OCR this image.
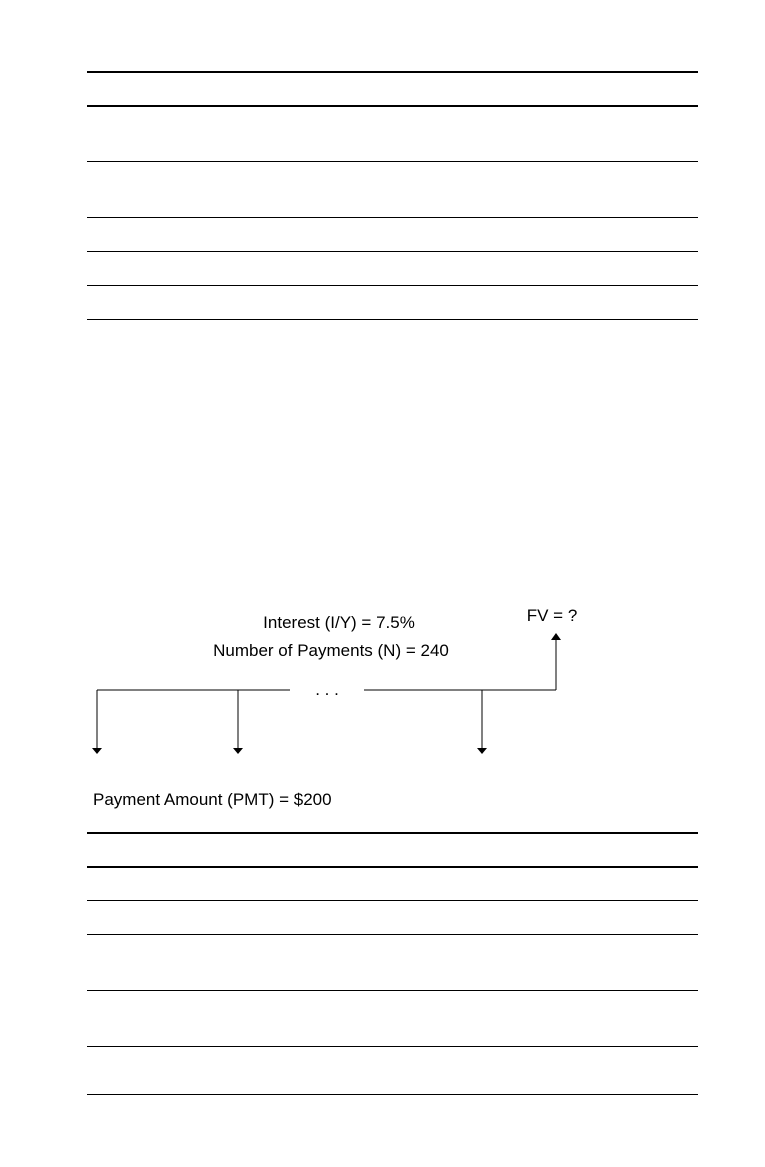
Interest (I/Y) = 7.5%
Number of Payments (N) = 240
FV = ?
. . .
Payment Amount (PMT) = $200
